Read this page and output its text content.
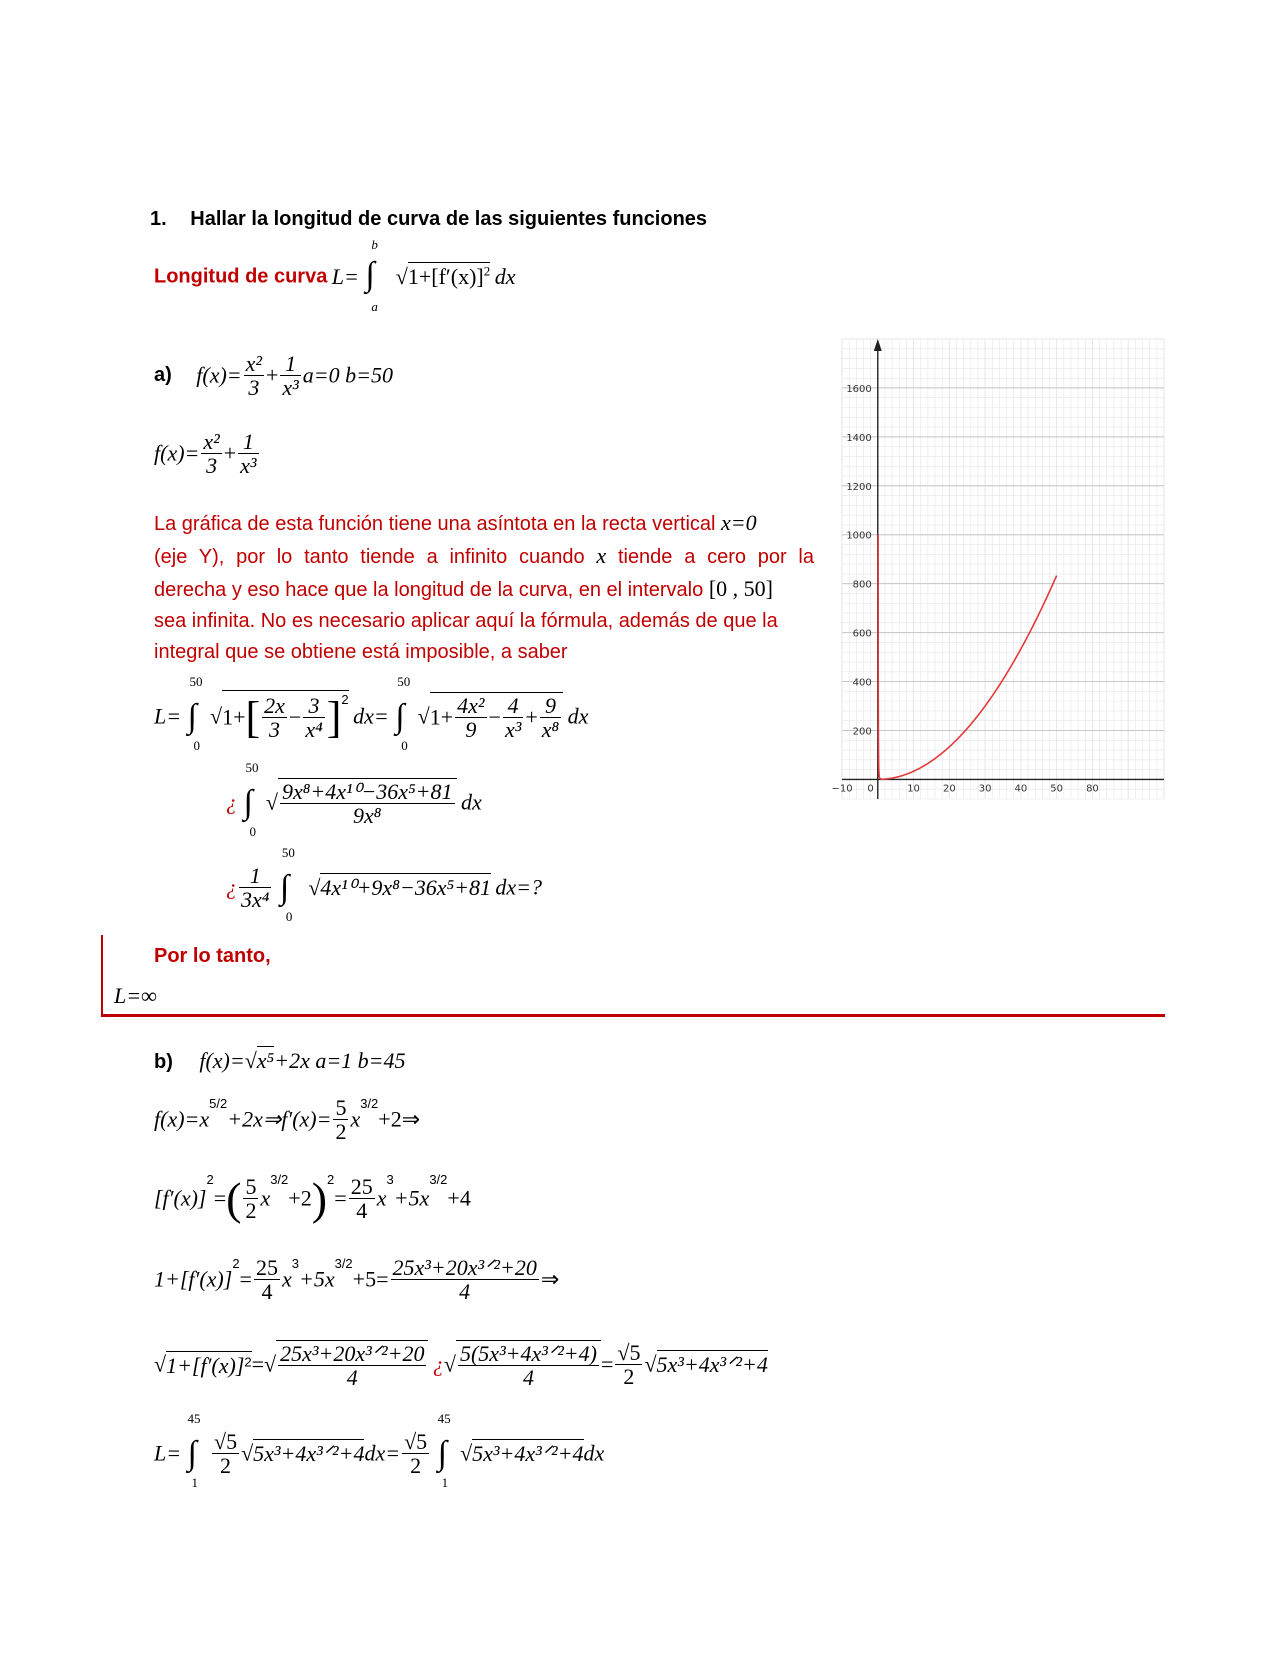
1. Hallar la longitud de curva de las siguientes funciones
Longitud de curva L= ∫
b
a
$√1+[f'(x)]^2$ dx
a) $f(x)= \frac{\text{x²}}{3} + \frac{1}{\text{x³}} a=0$ b=50
$f(x)= \frac{\text{x²}}{3} + \frac{1}{\text{x³}}$
La gráfica de esta función tiene una asíntota en la recta vertical x=0
(eje Y), por lo tanto tiende a infinito cuando x tiende a cero por la
derecha y eso hace que la longitud de la curva, en el intervalo [0 , 50]
sea infinita. No es necesario aplicar aquí la fórmula, además de que la
integral que se obtiene está imposible, a saber
L= ∫
50
0
$√1+[ \frac{2x}{3} - \frac{3}{\text{x⁴}} ]^2$ dx= ∫
50
0
$√1+ \frac{\text{4x²}}{9} - \frac{4}{\text{x³}} + \frac{9}{\text{x⁸}}$ dx
¿ ∫
50
0
√ $\frac{\text{9x⁸+4x¹⁰−36x⁵+81}}{\text{9x⁸}}$ dx
¿ $\frac{1}{\text{3x⁴}}$
∫
50
0
√4x¹⁰+9x⁸−36x⁵+81 dx=?
Por lo tanto,
L=∞
b) f(x)=√x⁵+2x a=1 b=45
$f(x)=x^{5/2}+2x\Rightarrow f'(x)= \frac{5}{2}$ $x^{3/2}+2\Rightarrow$
$[f'(x)]^2=( \frac{5}{2} x^{3/2}+2)^2= \frac{25}{4} x^3+5x^{3/2}+4$
$1+[f'(x)]^2= \frac{25}{4} x^3+5x^{3/2}+5= \frac{\text{25x³+20x³ᐟ²+20}}{4}$ ⇒
$√1+[f'(x)]^2=√ \frac{\text{25x³+20x³ᐟ²+20}}{4}$ ¿√ $\frac{\text{5(5x³+4x³ᐟ²+4)}}{4} = \frac{√5}{2}$ √5x³+4x³ᐟ²+4
L= ∫
45
1

$\frac{√5}{2}$ √5x³+4x³ᐟ²+4dx= $\frac{√5}{2}$
∫
45
1
√5x³+4x³ᐟ²+4dx
200
400
600
800
1000
1200
1400
1600
−10 0	10 20 30 40 50 80
